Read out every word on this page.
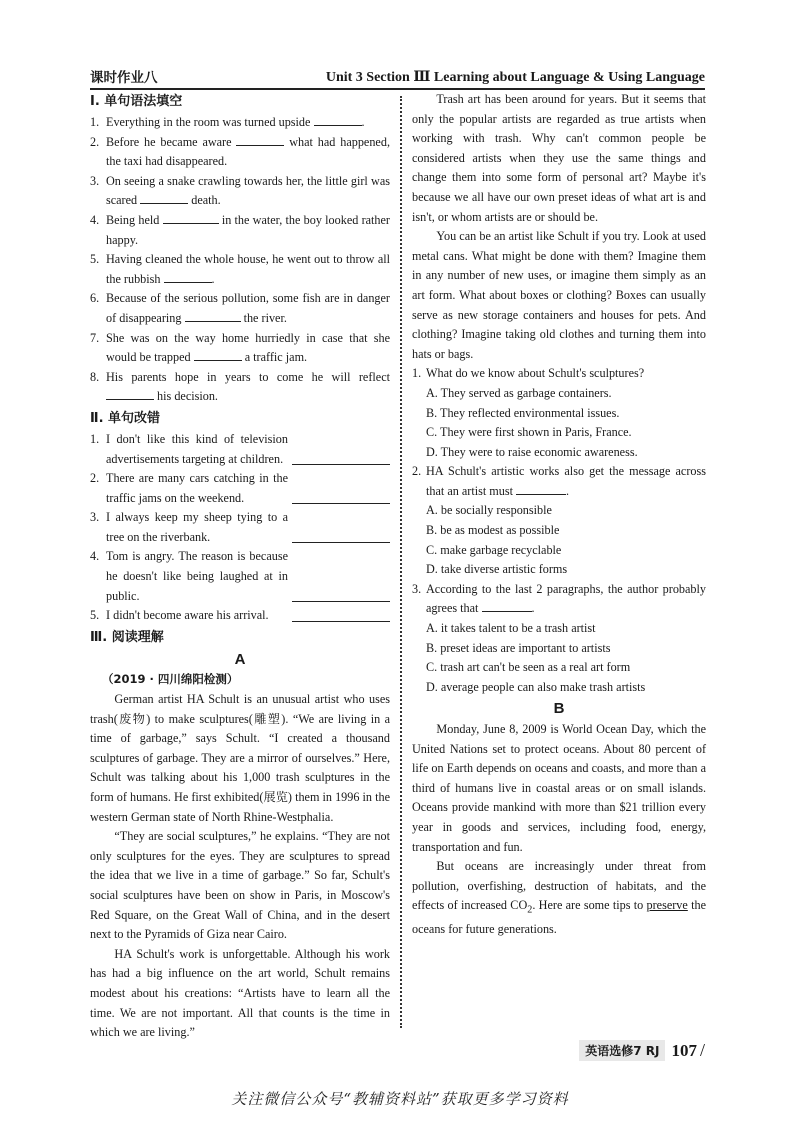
课时作业八	Unit 3 Section Ⅲ Learning about Language & Using Language
Ⅰ. 单句语法填空
1. Everything in the room was turned upside	.
2. Before he became aware	what had happened, the taxi had disappeared.
3. On seeing a snake crawling towards her, the little girl was scared	death.
4. Being held	in the water, the boy looked rather happy.
5. Having cleaned the whole house, he went out to throw all the rubbish	.
6. Because of the serious pollution, some fish are in danger of disappearing	the river.
7. She was on the way home hurriedly in case that she would be trapped	a traffic jam.
8. His parents hope in years to come he will reflect  his decision.
Ⅱ. 单句改错
1. I don't like this kind of television advertisements targeting at children.
2. There are many cars catching in the traffic jams on the weekend.
3. I always keep my sheep tying to a tree on the riverbank.
4. Tom is angry. The reason is because he doesn't like being laughed at in public.
5. I didn't become aware his arrival.
Ⅲ. 阅读理解
A
（2019 · 四川绵阳检测）

German artist HA Schult is an unusual artist who uses trash(废物) to make sculptures(雕塑). “We are living in a time of garbage,” says Schult. “I created a thousand sculptures of garbage. They are a mirror of ourselves.” Here, Schult was talking about his 1,000 trash sculptures in the form of humans. He first exhibited(展览) them in 1996 in the western German state of North Rhine-Westphalia.

“They are social sculptures,” he explains. “They are not only sculptures for the eyes. They are sculptures to spread the idea that we live in a time of garbage.” So far, Schult's social sculptures have been on show in Paris, in Moscow's Red Square, on the Great Wall of China, and in the desert next to the Pyramids of Giza near Cairo.

HA Schult's work is unforgettable. Although his work has had a big influence on the art world, Schult remains modest about his creations: “Artists have to learn all the time. We are not important. All that counts is the time in which we are living.”

Trash art has been around for years. But it seems that only the popular artists are regarded as true artists when working with trash. Why can't common people be considered artists when they use the same things and change them into some form of personal art? Maybe it's because we all have our own preset ideas of what art is and isn't, or whom artists are or should be.

You can be an artist like Schult if you try. Look at used metal cans. What might be done with them? Imagine them in any number of new uses, or imagine them simply as an art form. What about boxes or clothing? Boxes can usually serve as new storage containers and houses for pets. And clothing? Imagine taking old clothes and turning them into hats or bags.

1. What do we know about Schult's sculptures?
A. They served as garbage containers.
B. They reflected environmental issues.
C. They were first shown in Paris, France.
D. They were to raise economic awareness.
2. HA Schult's artistic works also get the message across that an artist must	.
A. be socially responsible
B. be as modest as possible
C. make garbage recyclable
D. take diverse artistic forms
3. According to the last 2 paragraphs, the author probably agrees that	.
A. it takes talent to be a trash artist
B. preset ideas are important to artists
C. trash art can't be seen as a real art form
D. average people can also make trash artists
B

Monday, June 8, 2009 is World Ocean Day, which the United Nations set to protect oceans. About 80 percent of life on Earth depends on oceans and coasts, and more than a third of humans live in coastal areas or on small islands. Oceans provide mankind with more than $21 trillion every year in goods and services, including food, energy, transportation and fun.

But oceans are increasingly under threat from pollution, overfishing, destruction of habitats, and the effects of increased $CO_2$. Here are some tips to preserve the oceans for future generations.

英语选修7 RJ 107 /
关注微信公众号“教辅资料站”获取更多学习资料
